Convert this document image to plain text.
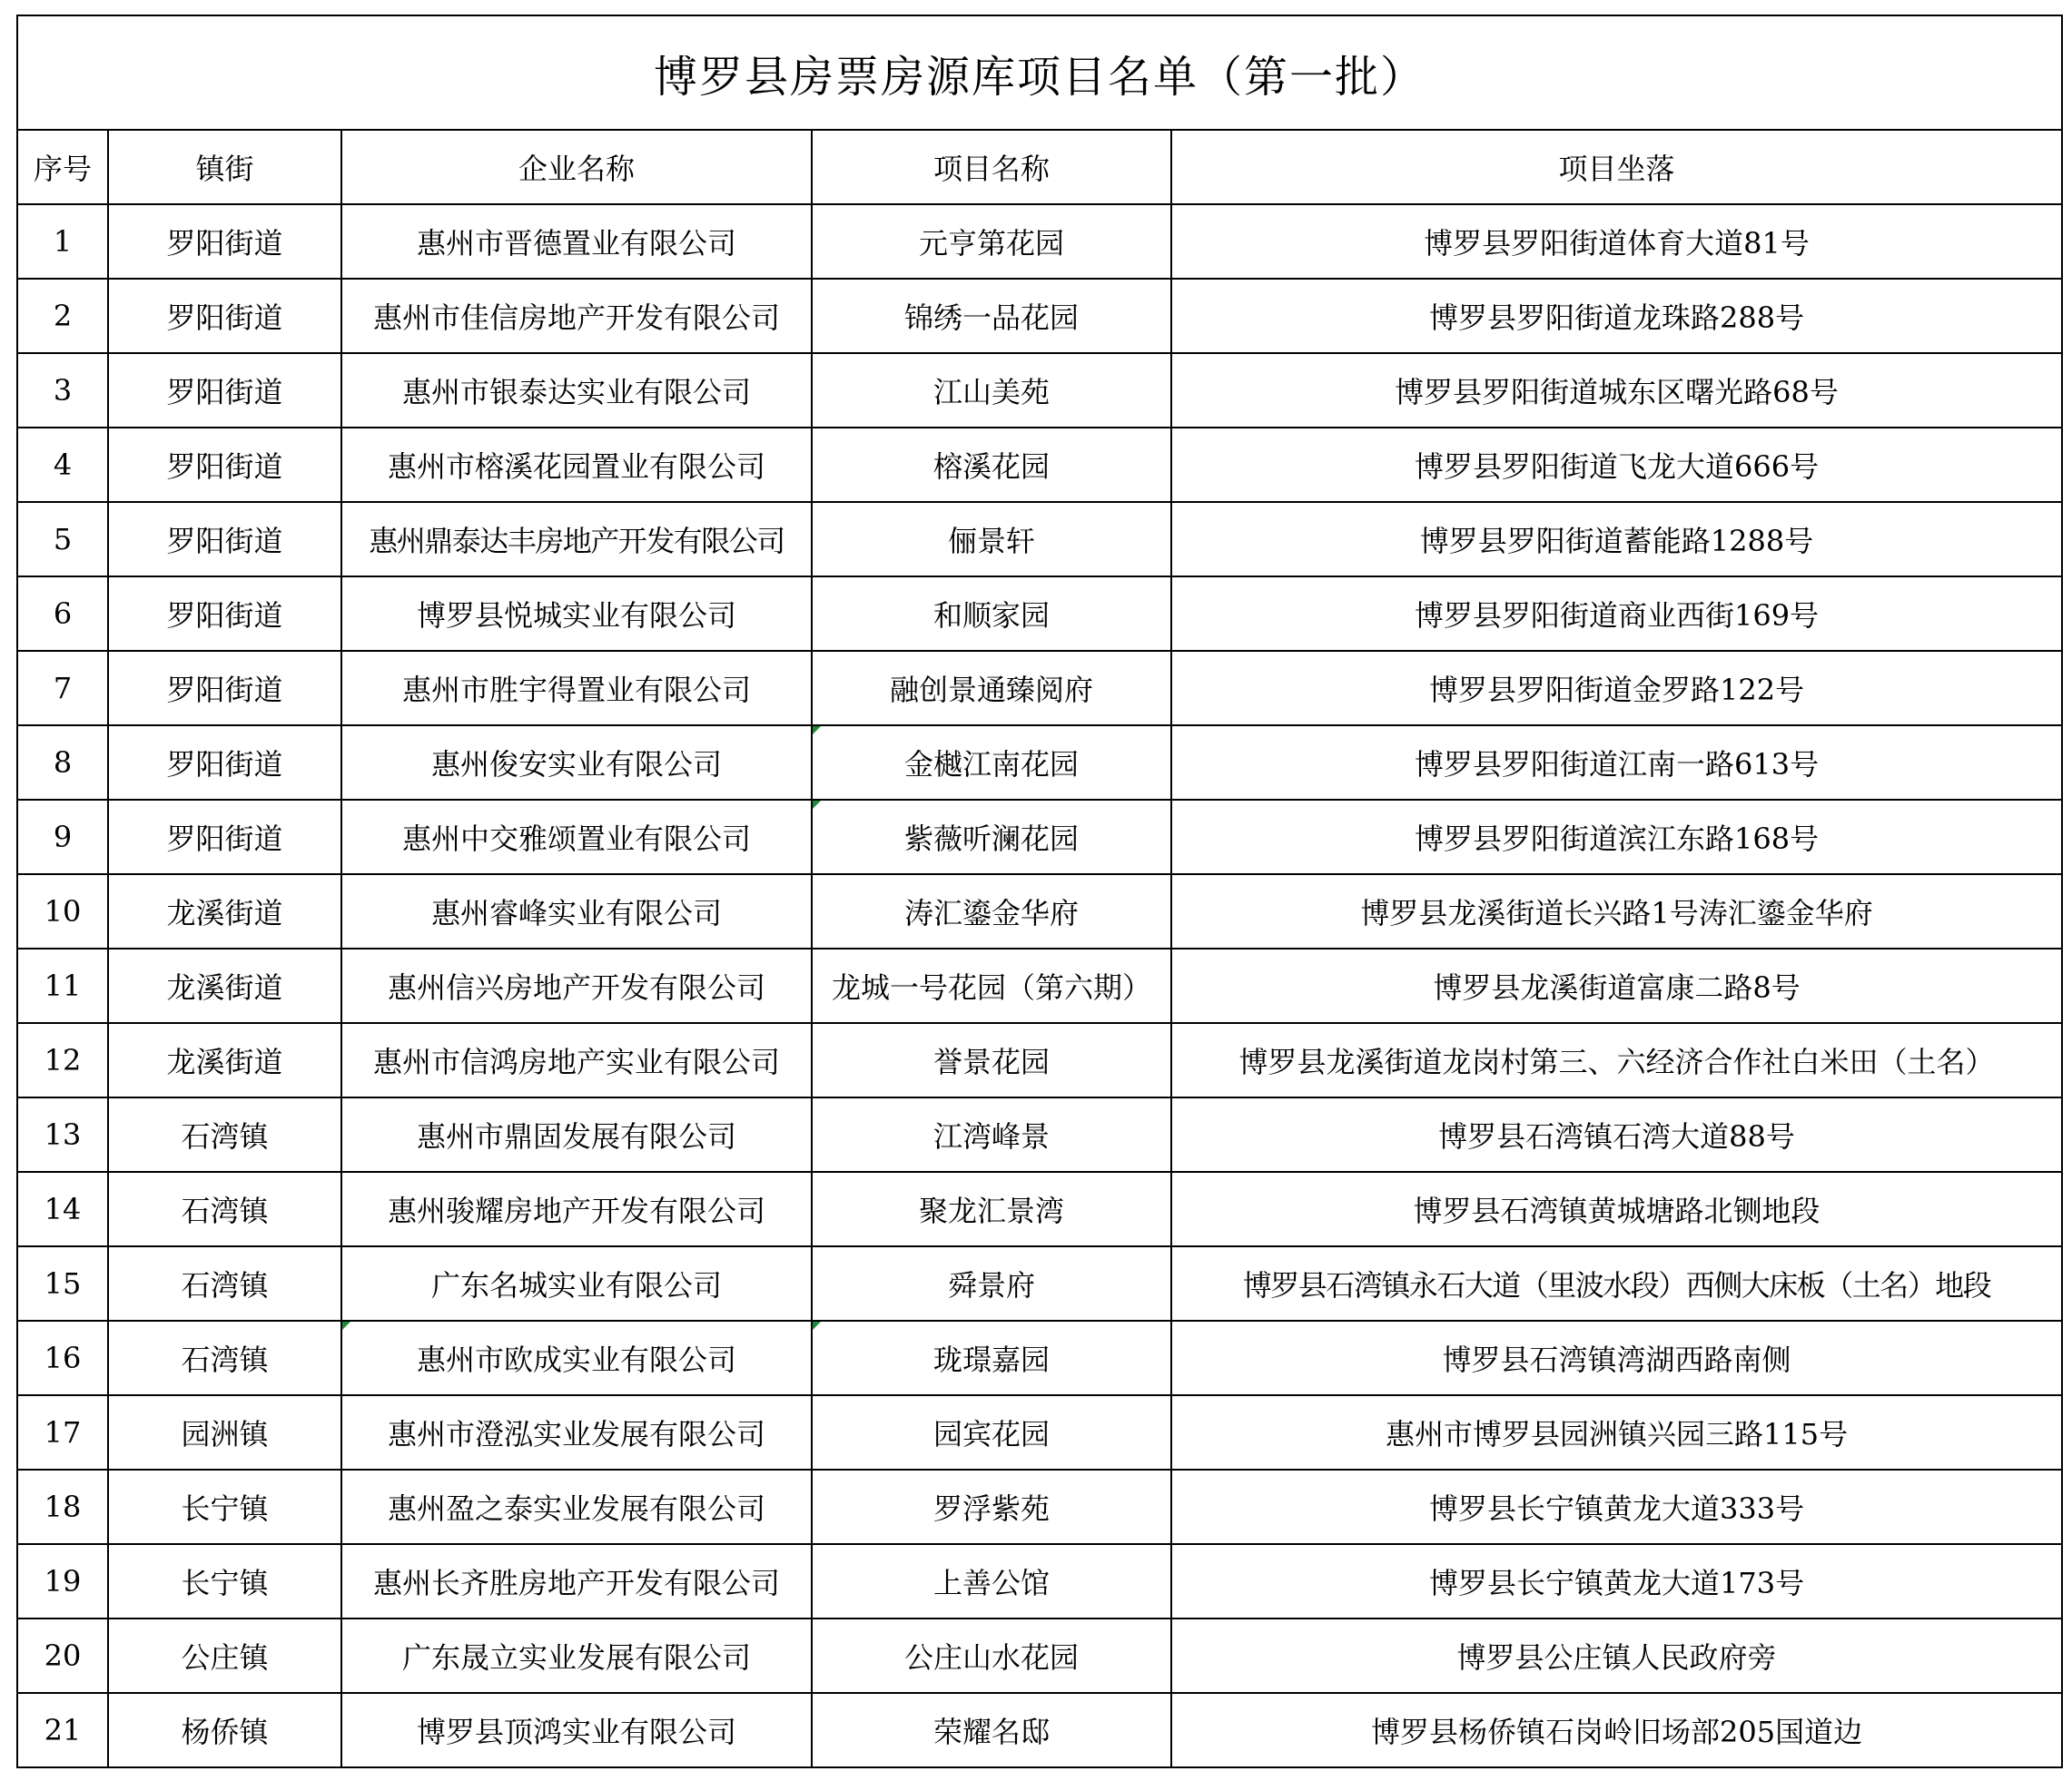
博罗县房票房源库项目名单（第一批）				
序号	镇街	企业名称	项目名称	项目坐落
1	罗阳街道	惠州市晋德置业有限公司	元亨第花园	博罗县罗阳街道体育大道81号
2	罗阳街道	惠州市佳信房地产开发有限公司	锦绣一品花园	博罗县罗阳街道龙珠路288号
3	罗阳街道	惠州市银泰达实业有限公司	江山美苑	博罗县罗阳街道城东区曙光路68号
4	罗阳街道	惠州市榕溪花园置业有限公司	榕溪花园	博罗县罗阳街道飞龙大道666号
5	罗阳街道	惠州鼎泰达丰房地产开发有限公司	俪景轩	博罗县罗阳街道蓄能路1288号
6	罗阳街道	博罗县悦城实业有限公司	和顺家园	博罗县罗阳街道商业西街169号
7	罗阳街道	惠州市胜宇得置业有限公司	融创景通臻阅府	博罗县罗阳街道金罗路122号
8	罗阳街道	惠州俊安实业有限公司	金樾江南花园	博罗县罗阳街道江南一路613号
9	罗阳街道	惠州中交雅颂置业有限公司	紫薇听澜花园	博罗县罗阳街道滨江东路168号
10	龙溪街道	惠州睿峰实业有限公司	涛汇鎏金华府	博罗县龙溪街道长兴路1号涛汇鎏金华府
11	龙溪街道	惠州信兴房地产开发有限公司	龙城一号花园（第六期）	博罗县龙溪街道富康二路8号
12	龙溪街道	惠州市信鸿房地产实业有限公司	誉景花园	博罗县龙溪街道龙岗村第三、六经济合作社白米田（土名）
13	石湾镇	惠州市鼎固发展有限公司	江湾峰景	博罗县石湾镇石湾大道88号
14	石湾镇	惠州骏耀房地产开发有限公司	聚龙汇景湾	博罗县石湾镇黄城塘路北铡地段
15	石湾镇	广东名城实业有限公司	舜景府	博罗县石湾镇永石大道（里波水段）西侧大床板（土名）地段
16	石湾镇	惠州市欧成实业有限公司	珑璟嘉园	博罗县石湾镇湾湖西路南侧
17	园洲镇	惠州市澄泓实业发展有限公司	园宾花园	惠州市博罗县园洲镇兴园三路115号
18	长宁镇	惠州盈之泰实业发展有限公司	罗浮紫苑	博罗县长宁镇黄龙大道333号
19	长宁镇	惠州长齐胜房地产开发有限公司	上善公馆	博罗县长宁镇黄龙大道173号
20	公庄镇	广东晟立实业发展有限公司	公庄山水花园	博罗县公庄镇人民政府旁
21	杨侨镇	博罗县顶鸿实业有限公司	荣耀名邸	博罗县杨侨镇石岗岭旧场部205国道边
